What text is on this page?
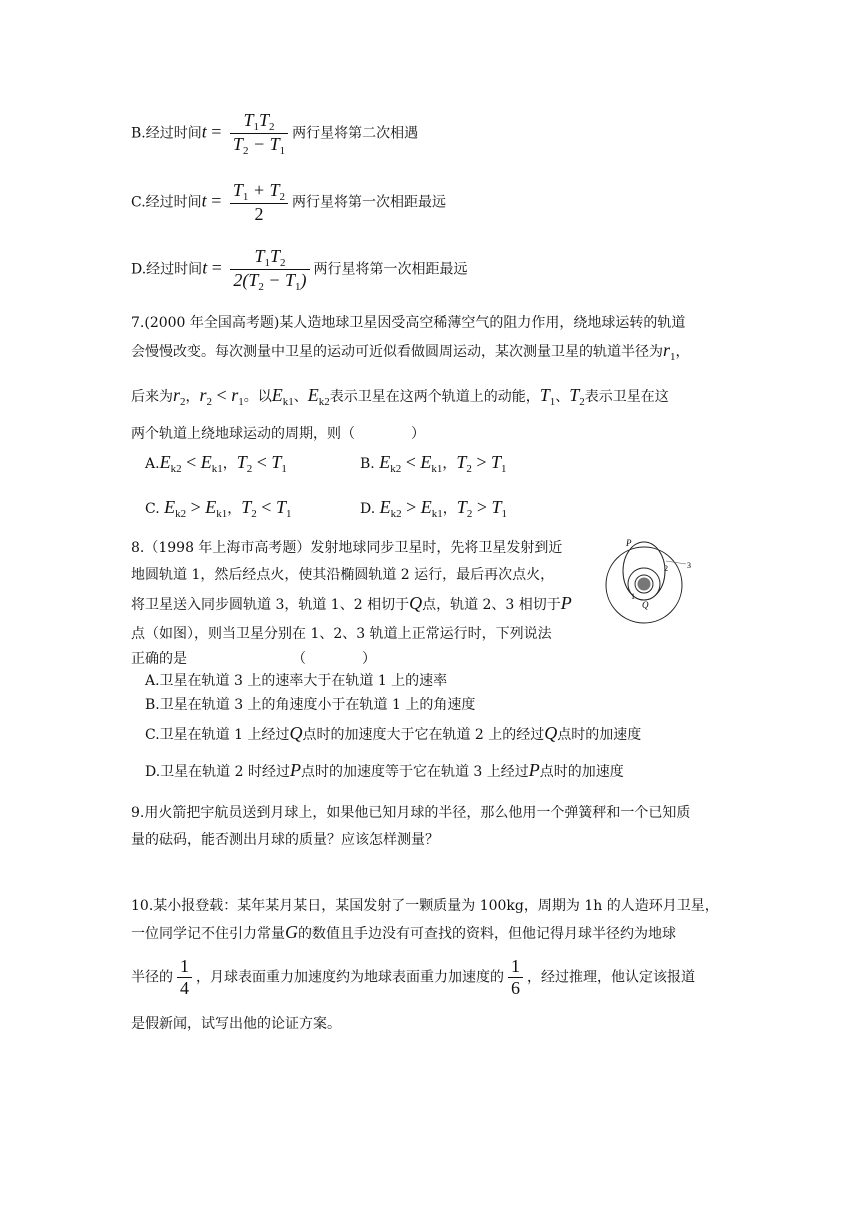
B.经过时间$t = \frac{T_1T_2}{T_2 - T_1}$ 两行星将第二次相遇
C.经过时间$t = \frac{T_1 + T_2}{2}$ 两行星将第一次相距最远
D.经过时间$t = \frac{T_1T_2}{2(T_2 - T_1)}$ 两行星将第一次相距最远
7.(2000 年全国高考题)某人造地球卫星因受高空稀薄空气的阻力作用，绕地球运转的轨道
会慢慢改变。每次测量中卫星的运动可近似看做圆周运动，某次测量卫星的轨道半径为$r_1$，
后来为$r_2$，$r_2 < r_1$。以$E_{k1}$、$E_{k2}$表示卫星在这两个轨道上的动能，$T_1$、$T_2$表示卫星在这
两个轨道上绕地球运动的周期，则（　　　　）
$A.E_{k2} < E_{k1}$，$T_2 < T_1$	B. $E_{k2} < E_{k1}$，$T_2 > T_1$
C. $E_{k2} > E_{k1}$，$T_2 < T_1$	D. $E_{k2} > E_{k1}$，$T_2 > T_1$
8.（1998 年上海市高考题）发射地球同步卫星时，先将卫星发射到近
地圆轨道 1，然后经点火，使其沿椭圆轨道 2 运行，最后再次点火，
将卫星送入同步圆轨道 3，轨道 1、2 相切于Q点，轨道 2、3 相切于P
点（如图），则当卫星分别在 1、2、3 轨道上正常运行时，下列说法
正确的是　　　　　　　　（　　　　）
A.卫星在轨道 3 上的速率大于在轨道 1 上的速率
B.卫星在轨道 3 上的角速度小于在轨道 1 上的角速度
C.卫星在轨道 1 上经过Q点时的加速度大于它在轨道 2 上的经过Q点时的加速度
D.卫星在轨道 2 时经过P点时的加速度等于它在轨道 3 上经过P点时的加速度
P
Q
1
2 3
9.用火箭把宇航员送到月球上，如果他已知月球的半径，那么他用一个弹簧秤和一个已知质
量的砝码，能否测出月球的质量？应该怎样测量？
10.某小报登载：某年某月某日，某国发射了一颗质量为 100kg，周期为 1h 的人造环月卫星，
一位同学记不住引力常量G的数值且手边没有可查找的资料，但他记得月球半径约为地球
半径的 $\frac{1}{4}$ ，月球表面重力加速度约为地球表面重力加速度的 $\frac{1}{6}$ ，经过推理，他认定该报道
是假新闻，试写出他的论证方案。
